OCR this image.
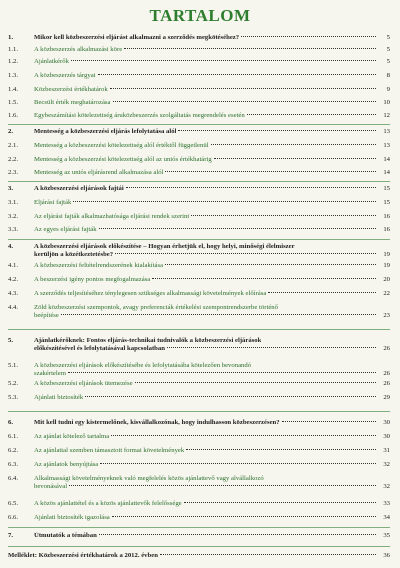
TARTALOM
1.	Mikor kell közbeszerzési eljárást alkalmazni a szerződés megkötéséhez?	5
1.1. A közbeszerzés alkalmazási köre	5
1.2. Ajánlatkérők	5
1.3. A közbeszerzés tárgyai	8
1.4. Közbeszerzési értékhatárok	9
1.5. Becsült érték meghatározása	10
1.6. Egybeszámítási kötelezettség áruközbeszerzés szolgáltatás megrendelés esetén	12
2.	Mentesség a közbeszerzési eljárás lefolytatása alól	13
2.1. Mentesség a közbeszerzési kötelezettség alól értéktől függetlenül	13
2.2. Mentesség a közbeszerzési kötelezettség alól az uniós értékhatárig	14
2.3. Mentesség az uniós eljárásrend alkalmazása alól	14
3.	A közbeszerzési eljárások fajtái	15
3.1. Eljárási fajták	15
3.2. Az eljárási fajták alkalmazhatósága eljárási rendek szerint	16
3.3. Az egyes eljárási fajták	16
4.	A közbeszerzési eljárások előkészítése – Hogyan érhetjük el, hogy helyi, minőségi élelmiszer
kerüljön a közétkeztetésbe?	19
4.1. A közbeszerzési feltételrendszerének kialakítása	19
4.2. A beszerzési igény pontos megfogalmazása	20
4.3. A szerződés teljesítéséhez ténylegesen szükséges alkalmassági követelmények előírása	22
4.4. Zöld közbeszerzési szempontok, avagy preferenciák értékelési szempontrendszerbe történő
beépítése	23
5.	Ajánlatkérőknek: Fontos eljárás-technikai tudnivalók a közbeszerzési eljárások
előkészítésével és lefolytatásával kapcsolatban	26
5.1. A közbeszerzési eljárások előkészítésébe és lefolytatásába kötelezően bevonandó
szakértelem	26
5.2. A közbeszerzési eljárások ütemezése	26
5.3. Ajánlati biztosíték	29
6.	Mit kell tudni egy kistermelőnek, kisvállalkozónak, hogy indulhasson közbeszerzésen?	30
6.1. Az ajánlat kötelező tartalma	30
6.2. Az ajánlattal szemben támasztott formai követelmények	31
6.3. Az ajánlatok benyújtása	32
6.4. Alkalmassági követelményeknek való megfelelés közös ajánlattevő vagy alvállalkozó
bevonásával	32
6.5. A közös ajánlattétel és a közös ajánlattevők felelőssége	33
6.6. Ajánlati biztosíték igazolása	34
7.	Útmutatók a témában	35
Melléklet: Közbeszerzési értékhatárok a 2012. évben	36
